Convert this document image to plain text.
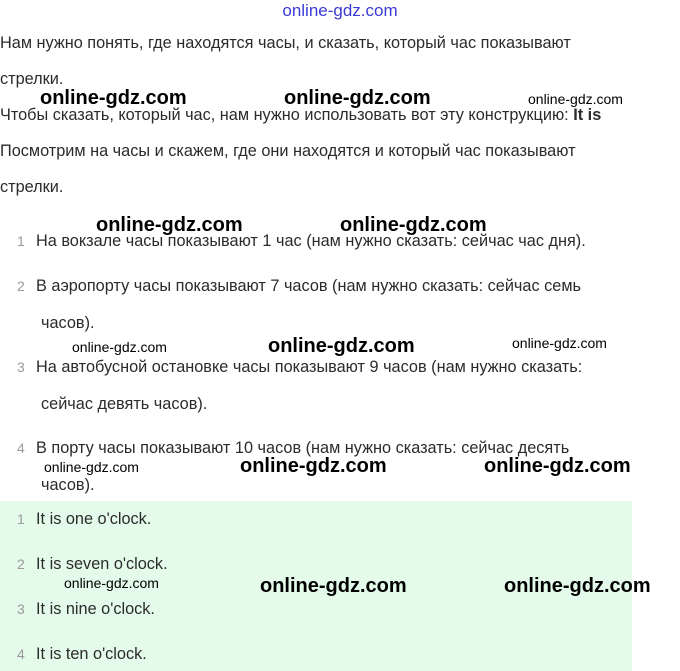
online-gdz.com
Нам нужно понять, где находятся часы, и сказать, который час показывают
стрелки.
Чтобы сказать, который час, нам нужно использовать вот эту конструкцию: It is
Посмотрим на часы и скажем, где они находятся и который час показывают
стрелки.
1 На вокзале часы показывают 1 час (нам нужно сказать: сейчас час дня).
2 В аэропорту часы показывают 7 часов (нам нужно сказать: сейчас семь
часов).
3 На автобусной остановке часы показывают 9 часов (нам нужно сказать:
сейчас девять часов).
4 В порту часы показывают 10 часов (нам нужно сказать: сейчас десять
часов).
1 It is one o'clock.
2 It is seven o'clock.
3 It is nine o'clock.
4 It is ten o'clock.
online-gdz.com	online-gdz.com	online-gdz.com
online-gdz.com	online-gdz.com
online-gdz.com	online-gdz.com	online-gdz.com
online-gdz.com	online-gdz.com	online-gdz.com
online-gdz.com	online-gdz.com	online-gdz.com
